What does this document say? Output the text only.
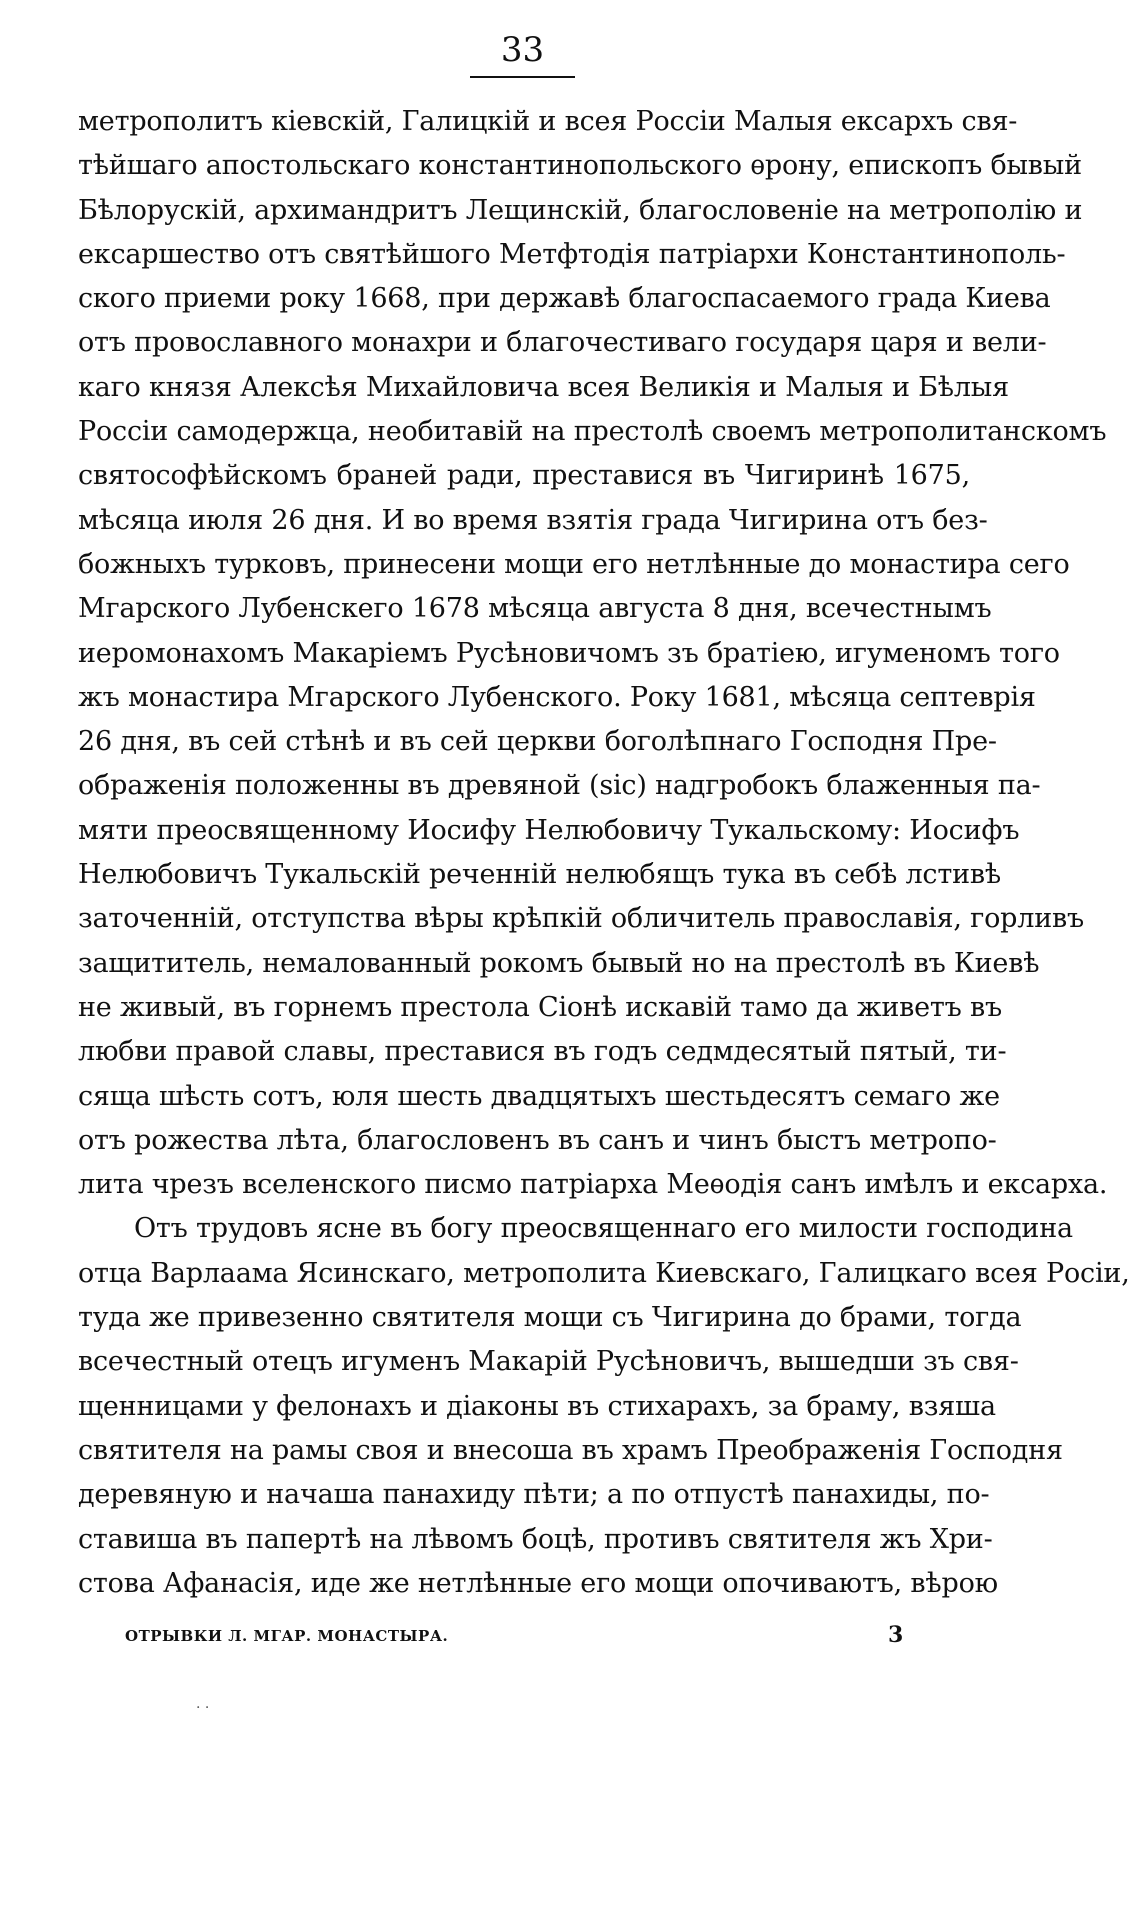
33
метрополитъ кіевскій, Галицкій и всея Россіи Малыя ексархъ свя-
тѣйшаго апостольскаго константинопольского ѳрону, епископъ бывый
Бѣлорускій, архимандритъ Лещинскій, благословеніе на метрополію и
ексаршество отъ святѣйшого Метфтодія патріархи Константинополь-
ского приеми року 1668, при державѣ благоспасаемого града Киева
отъ провославного монахри и благочестиваго государя царя и вели-
каго князя Алексѣя Михайловича всея Великія и Малыя и Бѣлыя
Россіи самодержца, необитавій на престолѣ своемъ метрополитанскомъ
святософѣйскомъ браней ради, преставися въ Чигиринѣ 1675,
мѣсяца июля 26 дня. И во время взятія града Чигирина отъ без-
божныхъ турковъ, принесени мощи его нетлѣнные до монастира сего
Мгарского Лубенскего 1678 мѣсяца августа 8 дня, всечестнымъ
иеромонахомъ Макаріемъ Русѣновичомъ зъ братіею, игуменомъ того
жъ монастира Мгарского Лубенского. Року 1681, мѣсяца септеврія
26 дня, въ сей стѣнѣ и въ сей церкви боголѣпнаго Господня Пре-
ображенія положенны въ древяной (sic) надгробокъ блаженныя па-
мяти преосвященному Иосифу Нелюбовичу Тукальскому: Иосифъ
Нелюбовичъ Тукальскій реченній нелюбящъ тука въ себѣ лстивѣ
заточенній, отступства вѣры крѣпкій обличитель православія, горливъ
защититель, немалованный рокомъ бывый но на престолѣ въ Киевѣ
не живый, въ горнемъ престола Сіонѣ искавій тамо да живетъ въ
любви правой славы, преставися въ годъ седмдесятый пятый, ти-
сяща шѣсть сотъ, юля шесть двадцятыхъ шестьдесятъ семаго же
отъ рожества лѣта, благословенъ въ санъ и чинъ быстъ метропо-
лита чрезъ вселенского писмо патріарха Меѳодія санъ имѣлъ и ексарха.
Отъ трудовъ ясне въ богу преосвященнаго его милости господина
отца Варлаама Ясинскаго, метрополита Киевскаго, Галицкаго всея Росіи,
туда же привезенно святителя мощи съ Чигирина до брами, тогда
всечестный отецъ игуменъ Макарій Русѣновичъ, вышедши зъ свя-
щенницами у фелонахъ и діаконы въ стихарахъ, за браму, взяша
святителя на рамы своя и внесоша въ храмъ Преображенія Господня
деревяную и начаша панахиду пѣти; а по отпустѣ панахиды, по-
ставиша въ папертѣ на лѣвомъ боцѣ, противъ святителя жъ Хри-
стова Афанасія, иде же нетлѣнные его мощи опочиваютъ, вѣрою
ОТРЫВКИ Л. МГАР. МОНАСТЫРА.	3
· ·
